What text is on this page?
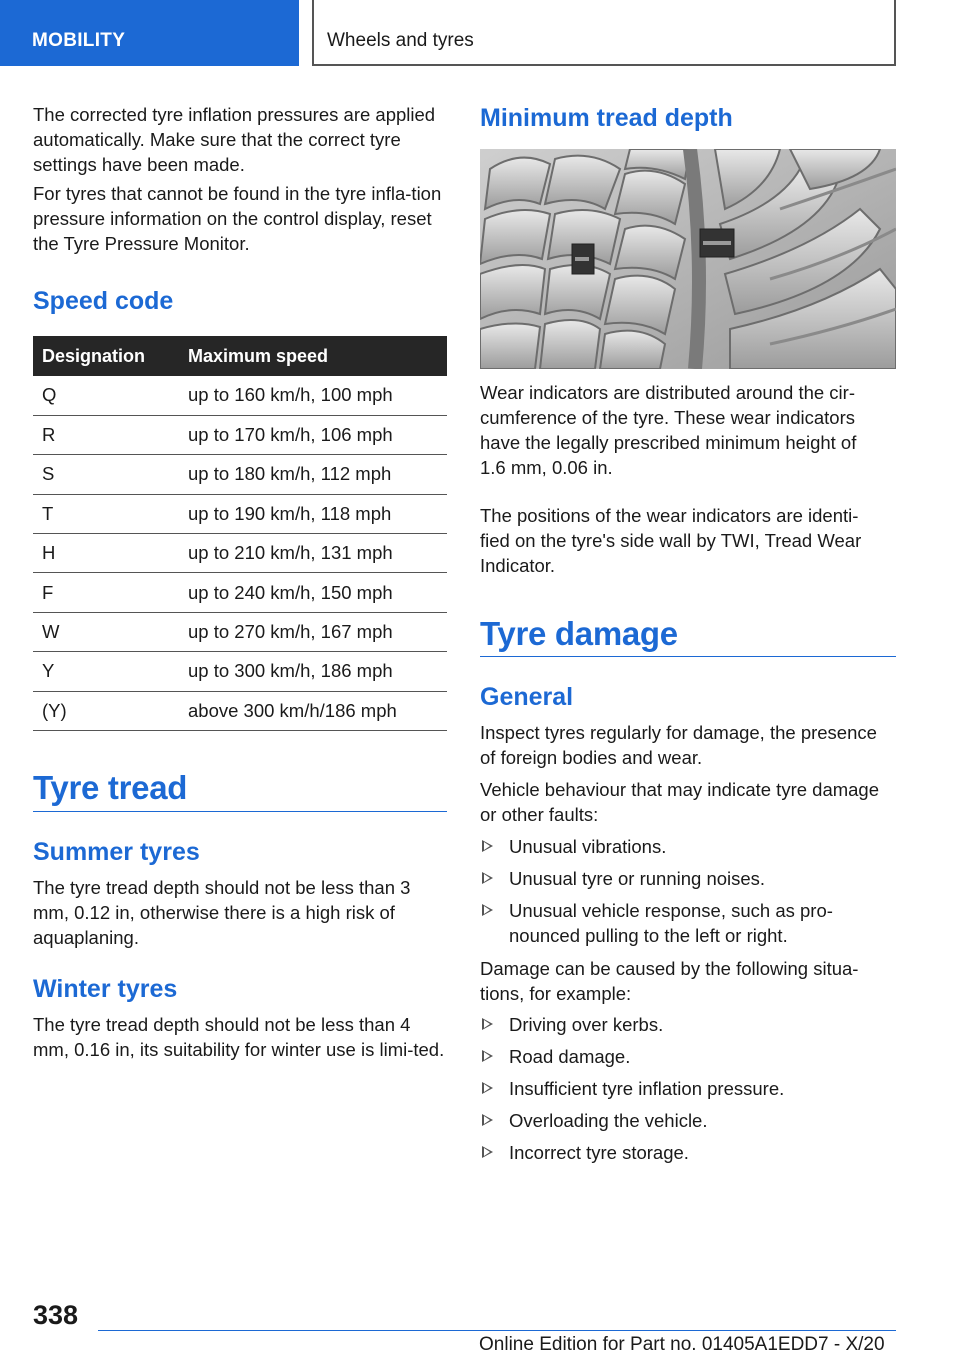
MOBILITY	Wheels and tyres

The corrected tyre inflation pressures are applied automatically. Make sure that the correct tyre settings have been made.

For tyres that cannot be found in the tyre infla-tion pressure information on the control display, reset the Tyre Pressure Monitor.

Speed code
Designation	Maximum speed
Q	up to 160 km/h, 100 mph
R	up to 170 km/h, 106 mph
S	up to 180 km/h, 112 mph
T	up to 190 km/h, 118 mph
H	up to 210 km/h, 131 mph
F	up to 240 km/h, 150 mph
W	up to 270 km/h, 167 mph
Y	up to 300 km/h, 186 mph
(Y)	above 300 km/h/186 mph
Tyre tread
Summer tyres

The tyre tread depth should not be less than 3 mm, 0.12 in, otherwise there is a high risk of aquaplaning.

Winter tyres

The tyre tread depth should not be less than 4 mm, 0.16 in, its suitability for winter use is limi-ted.

Minimum tread depth

Wear indicators are distributed around the cir-cumference of the tyre. These wear indicators have the legally prescribed minimum height of 1.6 mm, 0.06 in.

The positions of the wear indicators are identi-fied on the tyre's side wall by TWI, Tread Wear Indicator.

Tyre damage
General

Inspect tyres regularly for damage, the presence of foreign bodies and wear.

Vehicle behaviour that may indicate tyre damage or other faults:

Unusual vibrations.
Unusual tyre or running noises.
Unusual vehicle response, such as pro-nounced pulling to the left or right.

Damage can be caused by the following situa-tions, for example:

Driving over kerbs.
Road damage.
Insufficient tyre inflation pressure.
Overloading the vehicle.
Incorrect tyre storage.
338
Online Edition for Part no. 01405A1EDD7 - X/20
